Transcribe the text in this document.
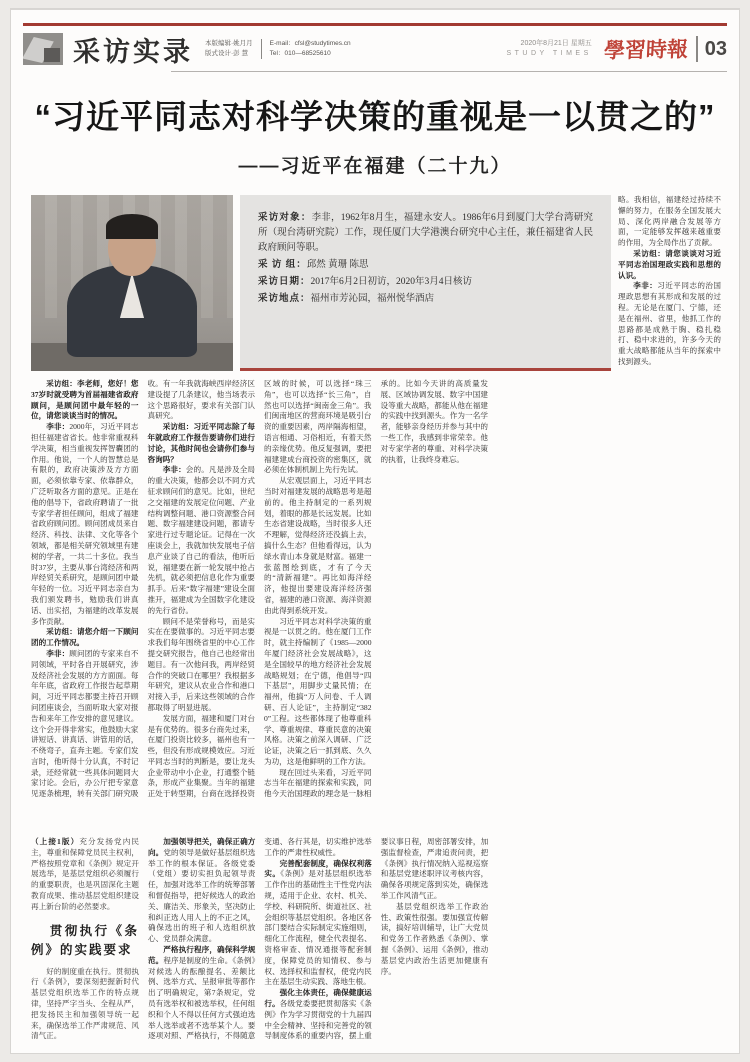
采访实录 本版编辑·姚月月
版式设计·彭 慧
E-mail：cfsl@studytimes.cn
Tel：010—68525610
2020年8月21日 星期五
STUDY TIMES 學習時報 03
“习近平同志对科学决策的重视是一以贯之的”
——习近平在福建（二十九）
采访对象：李非，1962年8月生，福建永安人。1986年6月到厦门大学台湾研究所（现台湾研究院）工作，现任厦门大学港澳台研究中心主任，兼任福建省人民政府顾问等职。
采 访 组：邱然 黄珊 陈思
采访日期：2017年6月2日初访，2020年3月4日核访
采访地点：福州市芳沁园，福州悦华酒店

略。我相信，福建经过持续不懈的努力，在服务全国发展大局、深化两岸融合发展等方面，一定能够发挥越来越重要的作用，为全局作出了贡献。

采访组：请您谈谈对习近平同志治国理政实践和思想的认识。

李非：习近平同志的治国理政思想有其形成和发展的过程。无论是在厦门、宁德，还是在福州、省里，他抓工作的思路都是成熟于胸、稳扎稳打、稳中求进的，许多今天的重大战略都能从当年的探索中找到源头。

采访组：李老师，您好！您37岁时就受聘为首届福建省政府顾问，是顾问团中最年轻的一位，请您谈谈当时的情况。

李非：2000年，习近平同志担任福建省省长。他非常重视科学决策，相当重视发挥智囊团的作用。他说，一个人的智慧总是有限的，政府决策涉及方方面面，必须依靠专家、依靠群众，广泛听取各方面的意见。正是在他的倡导下，省政府聘请了一批专家学者担任顾问，组成了福建省政府顾问团。顾问团成员来自经济、科技、法律、文化等各个领域，都是相关研究领域里有建树的学者，一共二十多位。我当时37岁，主要从事台湾经济和两岸经贸关系研究，是顾问团中最年轻的一位。习近平同志亲自为我们颁发聘书，勉励我们讲真话、出实招，为福建的改革发展多作贡献。

采访组：请您介绍一下顾问团的工作情况。

李非：顾问团的专家来自不同领域，平时各自开展研究，涉及经济社会发展的方方面面。每年年底，省政府工作报告起草期间，习近平同志都要主持召开顾问团座谈会，当面听取大家对报告和来年工作安排的意见建议。这个会开得非常实，他鼓励大家讲短话、讲真话、讲管用的话，不绕弯子，直奔主题。专家们发言时，他听得十分认真，不时记录，还经常就一些具体问题同大家讨论。会后，办公厅把专家意见逐条梳理，转有关部门研究吸收。有一年我就海峡西岸经济区建设提了几条建议，他当场表示这个思路很好，要求有关部门认真研究。

采访组：习近平同志除了每年就政府工作报告要请你们进行讨论，其他时间也会请你们参与咨询吗？

李非：会的。凡是涉及全局的重大决策，他都会以不同方式征求顾问们的意见。比如，世纪之交福建的发展定位问题、产业结构调整问题、港口资源整合问题、数字福建建设问题，都请专家进行过专题论证。记得在一次座谈会上，我就加快发展电子信息产业谈了自己的看法，他听后说，福建要在新一轮发展中抢占先机，就必须把信息化作为重要抓手。后来“数字福建”建设全面推开，福建成为全国数字化建设的先行省份。

顾问不是荣誉称号，而是实实在在要做事的。习近平同志要求我们每年围绕省里的中心工作提交研究报告，他自己也经常出题目。有一次他问我，两岸经贸合作的突破口在哪里？我根据多年研究，建议从农业合作和港口对接入手，后来这些领域的合作都取得了明显进展。

发展方面，福建和厦门对台是有优势的。很多台商先过来，在厦门投资比较多，福州也有一些，但没有形成规模效应。习近平同志当时的判断是，要让龙头企业带动中小企业，打通整个链条，形成产业集聚。当年的福建正处于转型期，台商在选择投资区域的时候，可以选择“珠三角”，也可以选择“长三角”，自然也可以选择“闽南金三角”。我们闽南地区的营商环境是吸引台资的重要因素，两岸隔海相望，语言相通、习俗相近，有着天然的亲缘优势。他反复强调，要把福建建成台商投资的密集区，就必须在体制机制上先行先试。

从宏观层面上，习近平同志当时对福建发展的战略思考是超前的。他主持制定的一系列规划，着眼的都是长远发展。比如生态省建设战略，当时很多人还不理解，觉得经济还没搞上去，搞什么生态？但他看得远，认为绿水青山本身就是财富。福建一张蓝图绘到底，才有了今天的“清新福建”。再比如海洋经济，他提出要建设海洋经济强省，福建的港口资源、海洋资源由此得到系统开发。

习近平同志对科学决策的重视是一以贯之的。他在厦门工作时，就主持编制了《1985—2000年厦门经济社会发展战略》，这是全国较早的地方经济社会发展战略规划；在宁德，他倡导“四下基层”，用脚步丈量民情；在福州，他搞“万人问卷、千人调研、百人论证”，主持制定“3820”工程。这些都体现了他尊重科学、尊重规律、尊重民意的决策风格。决策之前深入调研、广泛论证，决策之后一抓到底、久久为功，这是他鲜明的工作方法。

现在回过头来看，习近平同志当年在福建的探索和实践，同他今天治国理政的理念是一脉相承的。比如今天讲的高质量发展、区域协调发展、数字中国建设等重大战略，都能从他在福建的实践中找到源头。作为一名学者，能够亲身经历并参与其中的一些工作，我感到非常荣幸。他对专家学者的尊重、对科学决策的执着，让我终身难忘。

（上接1版）充分发扬党内民主，尊重和保障党员民主权利，严格按照党章和《条例》规定开展选举，是基层党组织必须履行的重要职责，也是巩固深化主题教育成果、推动基层党组织建设再上新台阶的必然要求。

贯彻执行《条例》的实践要求

好的制度重在执行。贯彻执行《条例》，要深刻把握新时代基层党组织选举工作的特点规律，坚持严字当头、全程从严，把发扬民主和加强领导统一起来，确保选举工作严肃规范、风清气正。

加强领导把关，确保正确方向。党的领导是做好基层组织选举工作的根本保证。各级党委（党组）要切实担负起领导责任，加强对选举工作的统筹部署和督促指导，把好候选人的政治关、廉洁关、形象关，坚决防止和纠正选人用人上的不正之风，确保选出的班子和人选组织放心、党员群众满意。

严格执行程序，确保科学规范。程序是制度的生命。《条例》对候选人的酝酿提名、差额比例、选举方式、呈报审批等都作出了明确规定，第7条规定，党员有选举权和被选举权，任何组织和个人不得以任何方式强迫选举人选举或者不选举某个人。要逐项对照、严格执行，不得随意变通、各行其是，切实维护选举工作的严肃性权威性。

完善配套制度，确保权利落实。《条例》是对基层组织选举工作作出的基础性主干性党内法规，适用于企业、农村、机关、学校、科研院所、街道社区、社会组织等基层党组织。各地区各部门要结合实际制定实施细则，细化工作流程，健全代表提名、资格审查、情况通报等配套制度，保障党员的知情权、参与权、选择权和监督权，使党内民主在基层生动实践、落地生根。

强化主体责任，确保健康运行。各级党委要把贯彻落实《条例》作为学习贯彻党的十九届四中全会精神、坚持和完善党的领导制度体系的重要内容，摆上重要议事日程，周密部署安排，加强监督检查，严肃追责问责，把《条例》执行情况纳入巡视巡察和基层党建述职评议考核内容，确保各项规定落到实处，确保选举工作风清气正。

基层党组织选举工作政治性、政策性很强。要加强宣传解读，搞好培训辅导，让广大党员和党务工作者熟悉《条例》、掌握《条例》、运用《条例》，推动基层党内政治生活更加健康有序。
